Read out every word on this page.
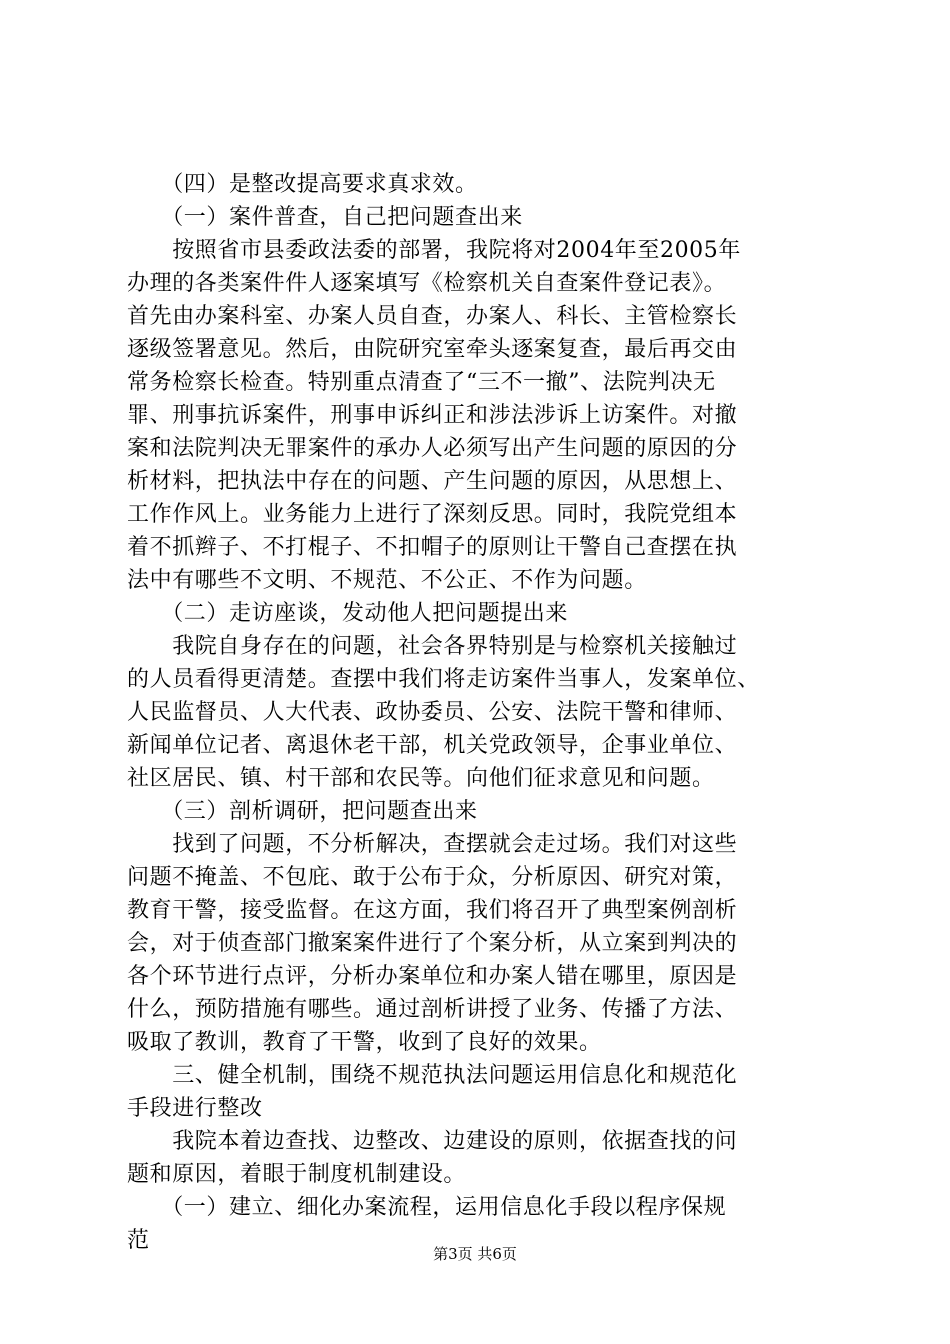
　　（四）是整改提高要求真求效。
　　（一）案件普查，自己把问题查出来
　　按照省市县委政法委的部署，我院将对2004年至2005年
办理的各类案件件人逐案填写《检察机关自查案件登记表》。
首先由办案科室、办案人员自查，办案人、科长、主管检察长
逐级签署意见。然后，由院研究室牵头逐案复查，最后再交由
常务检察长检查。特别重点清查了“三不一撤”、法院判决无
罪、刑事抗诉案件，刑事申诉纠正和涉法涉诉上访案件。对撤
案和法院判决无罪案件的承办人必须写出产生问题的原因的分
析材料，把执法中存在的问题、产生问题的原因，从思想上、
工作作风上。业务能力上进行了深刻反思。同时，我院党组本
着不抓辫子、不打棍子、不扣帽子的原则让干警自己查摆在执
法中有哪些不文明、不规范、不公正、不作为问题。
　　（二）走访座谈，发动他人把问题提出来
　　我院自身存在的问题，社会各界特别是与检察机关接触过
的人员看得更清楚。查摆中我们将走访案件当事人，发案单位、
人民监督员、人大代表、政协委员、公安、法院干警和律师、
新闻单位记者、离退休老干部，机关党政领导，企事业单位、
社区居民、镇、村干部和农民等。向他们征求意见和问题。
　　（三）剖析调研，把问题查出来
　　找到了问题，不分析解决，查摆就会走过场。我们对这些
问题不掩盖、不包庇、敢于公布于众，分析原因、研究对策，
教育干警，接受监督。在这方面，我们将召开了典型案例剖析
会，对于侦查部门撤案案件进行了个案分析，从立案到判决的
各个环节进行点评，分析办案单位和办案人错在哪里，原因是
什么，预防措施有哪些。通过剖析讲授了业务、传播了方法、
吸取了教训，教育了干警，收到了良好的效果。
　　三、健全机制，围绕不规范执法问题运用信息化和规范化
手段进行整改
　　我院本着边查找、边整改、边建设的原则，依据查找的问
题和原因，着眼于制度机制建设。
　　（一）建立、细化办案流程，运用信息化手段以程序保规
范
第3页 共6页
